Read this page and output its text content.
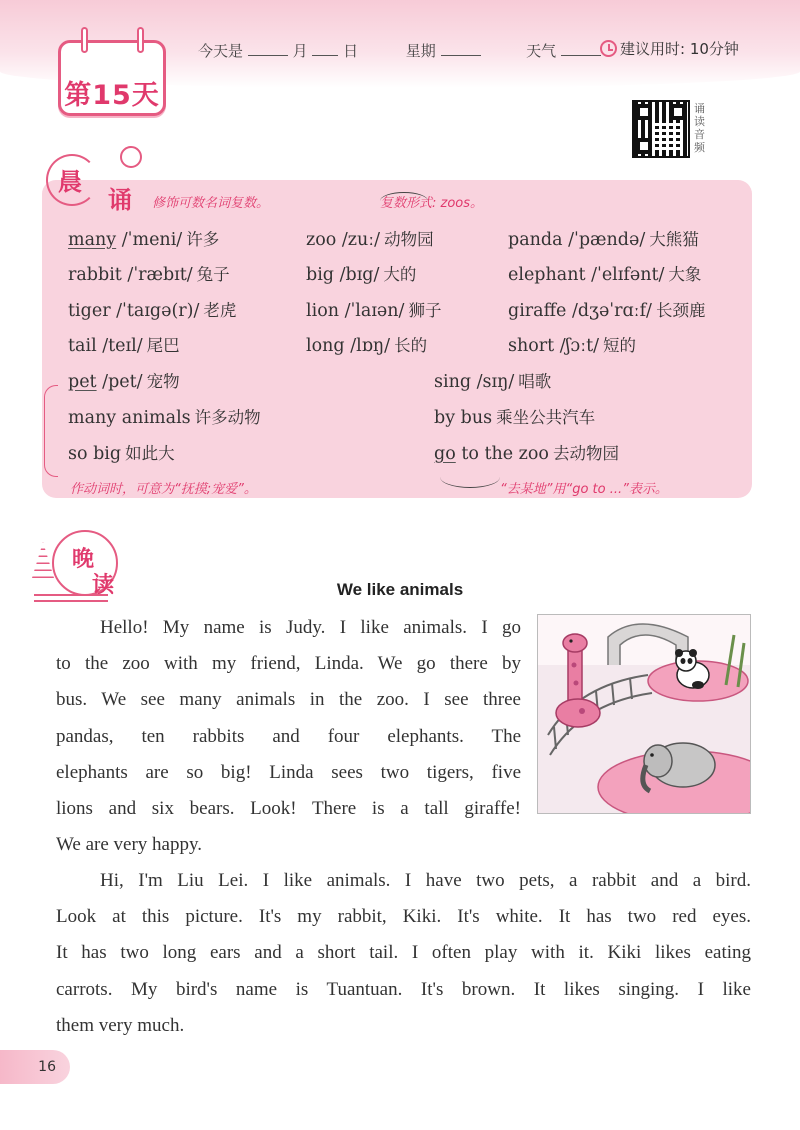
第15天
今天是	月 日	星期	天气	建议用时: 10分钟
诵
读
音
频
晨
诵 修饰可数名词复数。	复数形式: zoos。
many /ˈmeni/ 许多	zoo /zuː/ 动物园	panda /ˈpændə/ 大熊猫
rabbit /ˈræbɪt/ 兔子	big /bɪg/ 大的	elephant /ˈelɪfənt/ 大象
tiger /ˈtaɪgə(r)/ 老虎	lion /ˈlaɪən/ 狮子	giraffe /dʒəˈrɑːf/ 长颈鹿
tail /teɪl/ 尾巴	long /lɒŋ/ 长的	short /ʃɔːt/ 短的
pet /pet/ 宠物	sing /sɪŋ/ 唱歌
many animals 许多动物	by bus 乘坐公共汽车
so big 如此大	go to the zoo 去动物园
作动词时，可意为“抚摸;宠爱”。	“去某地”用“go to ...”表示。
晚
读	We like animals
Hello! My name is Judy. I like animals. I go
to the zoo with my friend, Linda. We go there by
bus. We see many animals in the zoo. I see three
pandas, ten rabbits and four elephants. The
elephants are so big! Linda sees two tigers, five
lions and six bears. Look! There is a tall giraffe!
We are very happy.
Hi, I'm Liu Lei. I like animals. I have two pets, a rabbit and a bird.
Look at this picture. It's my rabbit, Kiki. It's white. It has two red eyes.
It has two long ears and a short tail. I often play with it. Kiki likes eating
carrots. My bird's name is Tuantuan. It's brown. It likes singing. I like
them very much.
16
